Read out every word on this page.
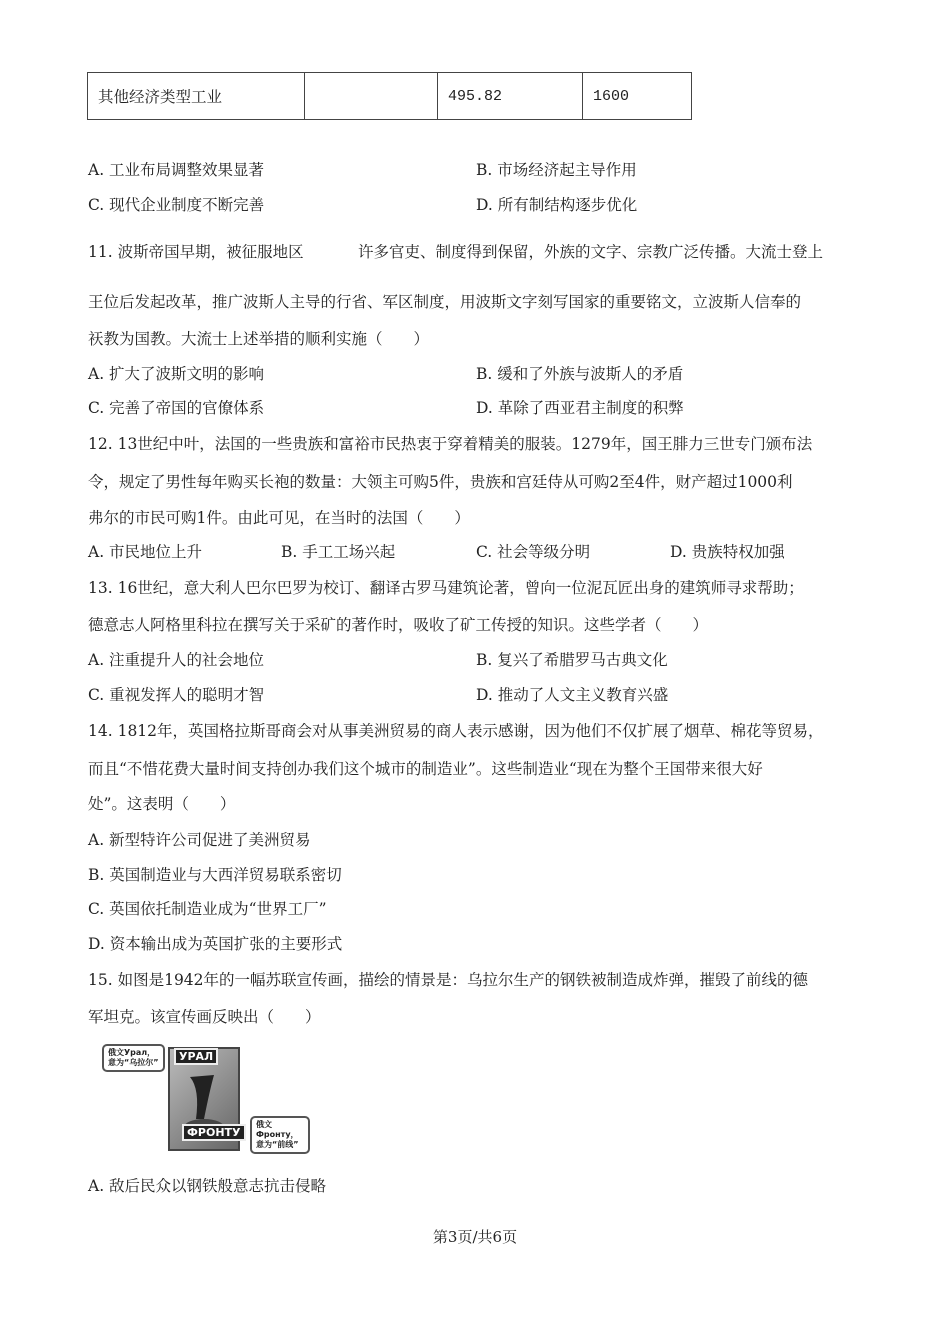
其他经济类型工业		495.82	1600
A. 工业布局调整效果显著	B. 市场经济起主导作用
C. 现代企业制度不断完善	D. 所有制结构逐步优化
11. 波斯帝国早期，被征服地区	许多官吏、制度得到保留，外族的文字、宗教广泛传播。大流士登上
王位后发起改革，推广波斯人主导的行省、军区制度，用波斯文字刻写国家的重要铭文，立波斯人信奉的
祆教为国教。大流士上述举措的顺利实施（　　）
A. 扩大了波斯文明的影响	B. 缓和了外族与波斯人的矛盾
C. 完善了帝国的官僚体系	D. 革除了西亚君主制度的积弊
12. 13世纪中叶，法国的一些贵族和富裕市民热衷于穿着精美的服装。1279年，国王腓力三世专门颁布法
令，规定了男性每年购买长袍的数量：大领主可购5件，贵族和宫廷侍从可购2至4件，财产超过1000利
弗尔的市民可购1件。由此可见，在当时的法国（　　）
A. 市民地位上升	B. 手工工场兴起	C. 社会等级分明	D. 贵族特权加强
13. 16世纪，意大利人巴尔巴罗为校订、翻译古罗马建筑论著，曾向一位泥瓦匠出身的建筑师寻求帮助；
德意志人阿格里科拉在撰写关于采矿的著作时，吸收了矿工传授的知识。这些学者（　　）
A. 注重提升人的社会地位	B. 复兴了希腊罗马古典文化
C. 重视发挥人的聪明才智	D. 推动了人文主义教育兴盛
14. 1812年，英国格拉斯哥商会对从事美洲贸易的商人表示感谢，因为他们不仅扩展了烟草、棉花等贸易，
而且“不惜花费大量时间支持创办我们这个城市的制造业”。这些制造业“现在为整个王国带来很大好
处”。这表明（　　）
A. 新型特许公司促进了美洲贸易
B. 英国制造业与大西洋贸易联系密切
C. 英国依托制造业成为“世界工厂”
D. 资本输出成为英国扩张的主要形式
15. 如图是1942年的一幅苏联宣传画，描绘的情景是：乌拉尔生产的钢铁被制造成炸弹，摧毁了前线的德
军坦克。该宣传画反映出（　　）
УРАЛ
ФРОНТУ
俄文Урал，
意为“乌拉尔”
俄文Фронту，
意为“前线”
A. 敌后民众以钢铁般意志抗击侵略
第3页/共6页
